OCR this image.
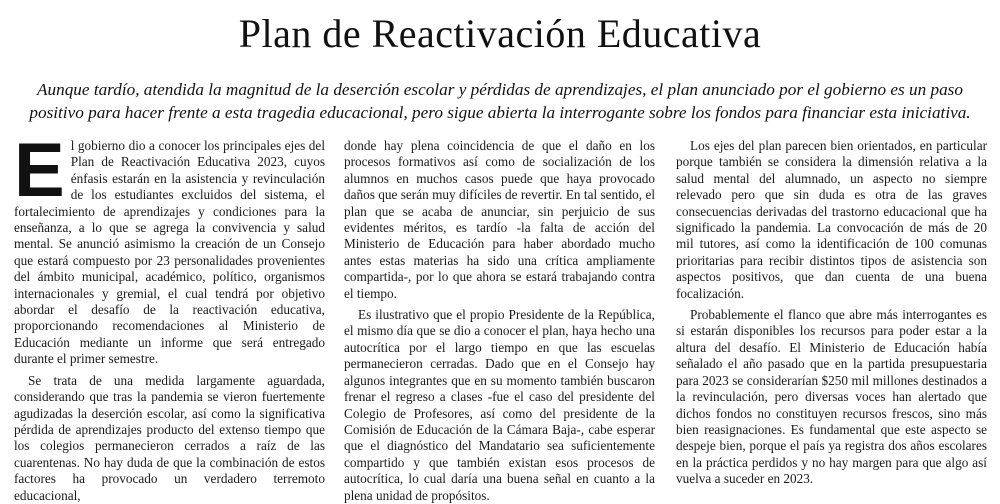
Plan de Reactivación Educativa

Aunque tardío, atendida la magnitud de la deserción escolar y pérdidas de aprendizajes, el plan anunciado por el gobierno es un paso positivo para hacer frente a esta tragedia educacional, pero sigue abierta la interrogante sobre los fondos para financiar esta iniciativa.

El gobierno dio a conocer los principales ejes del Plan de Reactivación Educativa 2023, cuyos énfasis estarán en la asistencia y revinculación de los estudiantes excluidos del sistema, el fortalecimiento de aprendizajes y condiciones para la enseñanza, a lo que se agrega la convivencia y salud mental. Se anunció asimismo la creación de un Consejo que estará compuesto por 23 personalidades provenientes del ámbito municipal, académico, político, organismos internacionales y gremial, el cual tendrá por objetivo abordar el desafío de la reactivación educativa, proporcionando recomendaciones al Ministerio de Educación mediante un informe que será entregado durante el primer semestre.

Se trata de una medida largamente aguardada, considerando que tras la pandemia se vieron fuertemente agudizadas la deserción escolar, así como la significativa pérdida de aprendizajes producto del extenso tiempo que los colegios permanecieron cerrados a raíz de las cuarentenas. No hay duda de que la combinación de estos factores ha provocado un verdadero terremoto educacional,

donde hay plena coincidencia de que el daño en los procesos formativos así como de socialización de los alumnos en muchos casos puede que haya provocado daños que serán muy difíciles de revertir. En tal sentido, el plan que se acaba de anunciar, sin perjuicio de sus evidentes méritos, es tardío -la falta de acción del Ministerio de Educación para haber abordado mucho antes estas materias ha sido una crítica ampliamente compartida-, por lo que ahora se estará trabajando contra el tiempo.

Es ilustrativo que el propio Presidente de la República, el mismo día que se dio a conocer el plan, haya hecho una autocrítica por el largo tiempo en que las escuelas permanecieron cerradas. Dado que en el Consejo hay algunos integrantes que en su momento también buscaron frenar el regreso a clases -fue el caso del presidente del Colegio de Profesores, así como del presidente de la Comisión de Educación de la Cámara Baja-, cabe esperar que el diagnóstico del Mandatario sea suficientemente compartido y que también existan esos procesos de autocrítica, lo cual daría una buena señal en cuanto a la plena unidad de propósitos.

Los ejes del plan parecen bien orientados, en particular porque también se considera la dimensión relativa a la salud mental del alumnado, un aspecto no siempre relevado pero que sin duda es otra de las graves consecuencias derivadas del trastorno educacional que ha significado la pandemia. La convocación de más de 20 mil tutores, así como la identificación de 100 comunas prioritarias para recibir distintos tipos de asistencia son aspectos positivos, que dan cuenta de una buena focalización.

Probablemente el flanco que abre más interrogantes es si estarán disponibles los recursos para poder estar a la altura del desafío. El Ministerio de Educación había señalado el año pasado que en la partida presupuestaria para 2023 se considerarían $250 mil millones destinados a la revinculación, pero diversas voces han alertado que dichos fondos no constituyen recursos frescos, sino más bien reasignaciones. Es fundamental que este aspecto se despeje bien, porque el país ya registra dos años escolares en la práctica perdidos y no hay margen para que algo así vuelva a suceder en 2023.
